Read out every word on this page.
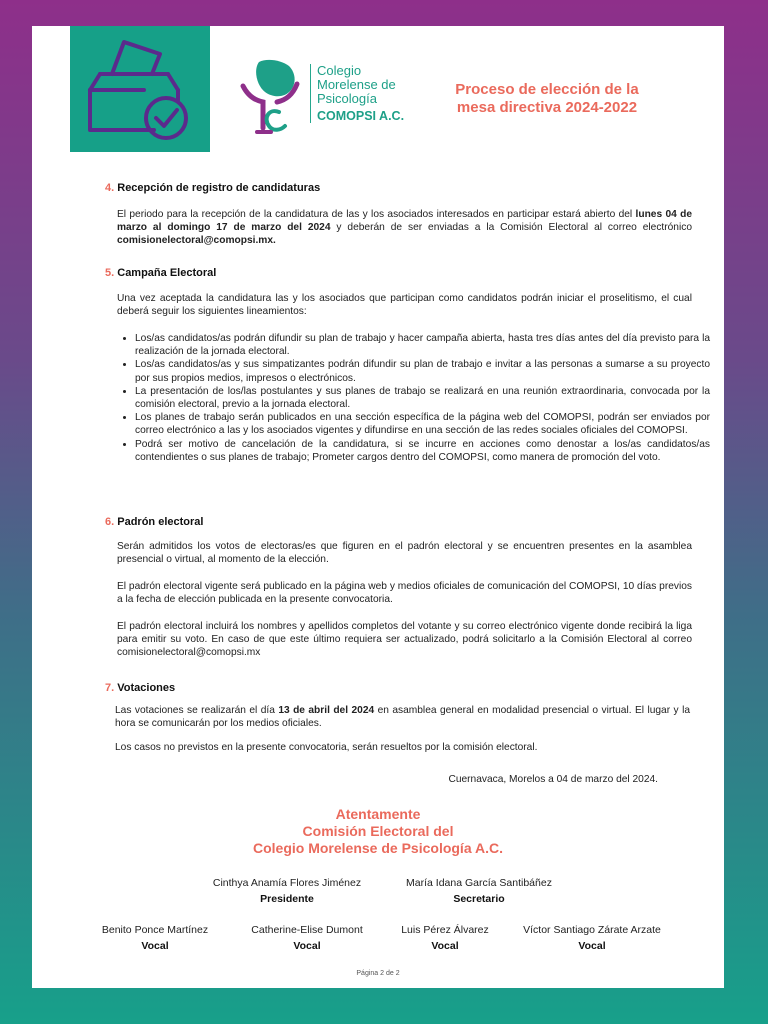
Colegio
Morelense de
Psicología
COMOPSI A.C.
Proceso de elección de la
mesa directiva 2024-2022
4. Recepción de registro de candidaturas
El periodo para la recepción de la candidatura de las y los asociados interesados en participar estará abierto del lunes 04 de marzo al domingo 17 de marzo del 2024 y deberán de ser enviadas a la Comisión Electoral al correo electrónico comisionelectoral@comopsi.mx.
5. Campaña Electoral
Una vez aceptada la candidatura las y los asociados que participan como candidatos podrán iniciar el proselitismo, el cual deberá seguir los siguientes lineamientos:
• Los/as candidatos/as podrán difundir su plan de trabajo y hacer campaña abierta, hasta tres días antes del día previsto para la realización de la jornada electoral.
• Los/as candidatos/as y sus simpatizantes podrán difundir su plan de trabajo e invitar a las personas a sumarse a su proyecto por sus propios medios, impresos o electrónicos.
• La presentación de los/las postulantes y sus planes de trabajo se realizará en una reunión extraordinaria, convocada por la comisión electoral, previo a la jornada electoral.
• Los planes de trabajo serán publicados en una sección específica de la página web del COMOPSI, podrán ser enviados por correo electrónico a las y los asociados vigentes y difundirse en una sección de las redes sociales oficiales del COMOPSI.
• Podrá ser motivo de cancelación de la candidatura, si se incurre en acciones como denostar a los/as candidatos/as contendientes o sus planes de trabajo; Prometer cargos dentro del COMOPSI, como manera de promoción del voto.
6. Padrón electoral
Serán admitidos los votos de electoras/es que figuren en el padrón electoral y se encuentren presentes en la asamblea presencial o virtual, al momento de la elección.
El padrón electoral vigente será publicado en la página web y medios oficiales de comunicación del COMOPSI, 10 días previos a la fecha de elección publicada en la presente convocatoria.
El padrón electoral incluirá los nombres y apellidos completos del votante y su correo electrónico vigente donde recibirá la liga para emitir su voto. En caso de que este último requiera ser actualizado, podrá solicitarlo a la Comisión Electoral al correo comisionelectoral@comopsi.mx
7. Votaciones
Las votaciones se realizarán el día 13 de abril del 2024 en asamblea general en modalidad presencial o virtual. El lugar y la hora se comunicarán por los medios oficiales.
Los casos no previstos en la presente convocatoria, serán resueltos por la comisión electoral.
Cuernavaca, Morelos a 04 de marzo del 2024.
Atentamente
Comisión Electoral del
Colegio Morelense de Psicología A.C.
Cinthya Anamía Flores Jiménez
Presidente
María Idana García Santibáñez
Secretario
Benito Ponce Martínez
Vocal
Catherine-Elise Dumont
Vocal
Luis Pérez Álvarez
Vocal
Víctor Santiago Zárate Arzate
Vocal
Página 2 de 2
